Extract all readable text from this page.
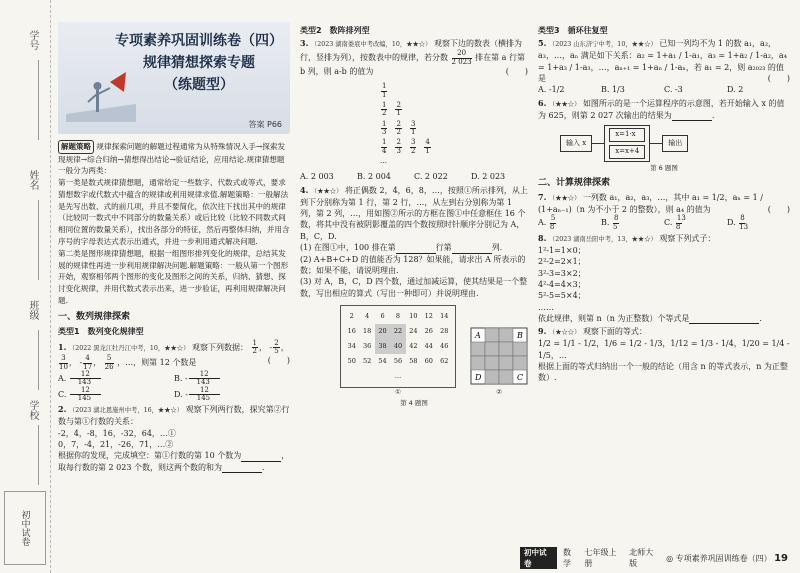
学号
姓名
班级
学校
初中试卷
专项素养巩固训练卷（四）
规律猜想探索专题
（练题型）
答案 P66
解题策略 规律探索问题的解题过程通常为从特殊情况入手→探索发现规律→综合归纳→猜想得出结论→验证结论，应用结论.规律猜想题一般分为两类：
第一类是数式规律猜想题，通常给定一些数字、代数式或等式，要求猜想数字或代数式中蕴含的规律或利用规律求值.解题策略：一般解法是先写出数、式的前几项，并且不要简化，依次往下找出其中的规律（比较同一数式中不同部分的数量关系）或后比较（比较不同数式间相同位置的数量关系），找出各部分的特征，然后再整体归纳，并用含序号的字母表达式表示出通式，并进一步利用通式解决问题.
第二类是图形规律猜想题，根据一组图形排列变化的规律，总结其发展的规律性再进一步利用规律解决问题.解题策略：一般从第一个图形开始，观察相邻两个图形的变化及图形之间的关系，归纳、猜想、探讨变化规律，并用代数式表示出来，进一步验证，再利用规律解决问题.
一、数列规律探索
类型1　数列变化规律型
1. （2022 黑龙江牡丹江中考，10，★★☆） 观察下列数据： $\frac{1}{2}$ ， - $\frac{2}{5}$ ，
$\frac{3}{10}$ ， - $\frac{4}{17}$ ， $\frac{5}{26}$ ，…，则第 12 个数是	(　　)
A. $\frac{12}{143}$	B. - $\frac{12}{143}$
C. $\frac{12}{145}$	D. - $\frac{12}{145}$
2. （2023 湖北恩施州中考，16，★★☆） 观察下列两行数，探究第②行数与第①行数的关系：
-2，4，-8，16，-32，64，…①
0，7，-4，21，-26，71，…②
根据你的发现，完成填空：第①行数的第 10 个数为	，取每行数的第 2 023 个数，则这两个数的和为	.
类型2　数阵排列型
3. （2023 湖南娄底中考改编，10，★★☆） 观察下边的数表（横排为行，竖排为列），按数表中的规律，若分数 $\frac{20}{2 023}$ 排在第 a 行第 b 列，则 a-b 的值为	(　　)
$\frac{1}{1}$
$\frac{1}{2} \frac{2}{1}$
$\frac{1}{3} \frac{2}{2} \frac{3}{1}$
$\frac{1}{4} \frac{2}{3} \frac{3}{2} \frac{4}{1}$
…
A. 2 003	B. 2 004	C. 2 022	D. 2 023
4. （★★☆） 将正偶数 2，4，6，8，…，按照①所示排列，从上到下分别称为第 1 行，第 2 行，…，从左到右分别称为第 1 列，第 2 列，…，用如图②所示的方框在图①中任意框住 16 个数，将其中没有被阴影覆盖的四个数按照时针顺序分别记为 A，B，C，D.
(1) 在图①中，100 排在第	行第	列.
(2) A+B+C+D 的值能否为 128？如果能，请求出 A 所表示的数；如果不能，请说明理由.
(3) 对 A，B，C，D 四个数，通过加减运算，使其结果是一个整数，写出相应的算式（写出一种即可）并说明理由.
2	4	6	8	10	12	14
16	18	20	22	24	26	28
34	36	38	40	42	44	46
50	52	54	56	58	60	62
…						
①
A	B
D	C
②
第 4 题图
类型3　循环往复型
5. （2023 山东济宁中考，10，★★☆） 已知一列均不为 1 的数 a₁，a₂，a₃，…，aₙ 满足如下关系：a₂ = 1+a₁ / 1-a₁，a₃ = 1+a₂ / 1-a₂，a₄ = 1+a₃ / 1-a₃，…，aₙ₊₁ = 1+aₙ / 1-aₙ，若 a₁ = 2，则 a₂₀₂₃ 的值是	(　　)
A. -1/2	B. 1/3	C. -3	D. 2
6. （★★☆） 如图所示的是一个运算程序的示意图，若开始输入 x 的值为 625，则第 2 027 次输出的结果为	.
输入 x
x=1·x
x=x+4
输出
第 6 题图
二、计算规律探索
7. （★★☆） 一列数 a₁，a₂，a₃，…，其中 a₁ = 1/2，aₙ = 1 / (1+aₙ₋₁)（n 为不小于 2 的整数），则 a₄ 的值为	(　　)
A. $\frac{5}{8}$	B. $\frac{8}{5}$	C. $\frac{13}{8}$	D. $\frac{8}{13}$
8. （2023 湖南岳阳中考，13，★★☆） 观察下列式子：
1²-1=1×0；
2²-2=2×1；
3²-3=3×2；
4²-4=4×3；
5²-5=5×4；
……
依此规律，则第 n（n 为正整数）个等式是	.
9. （★☆☆） 观察下面的等式：
1/2 = 1/1 - 1/2，1/6 = 1/2 - 1/3，1/12 = 1/3 - 1/4，1/20 = 1/4 - 1/5，…
根据上面的等式归纳出一个一般的结论（用含 n 的等式表示，n 为正整数）.
初中试卷
数学
七年级上册
北师大版
◎ 专项素养巩固训练卷（四） 19
